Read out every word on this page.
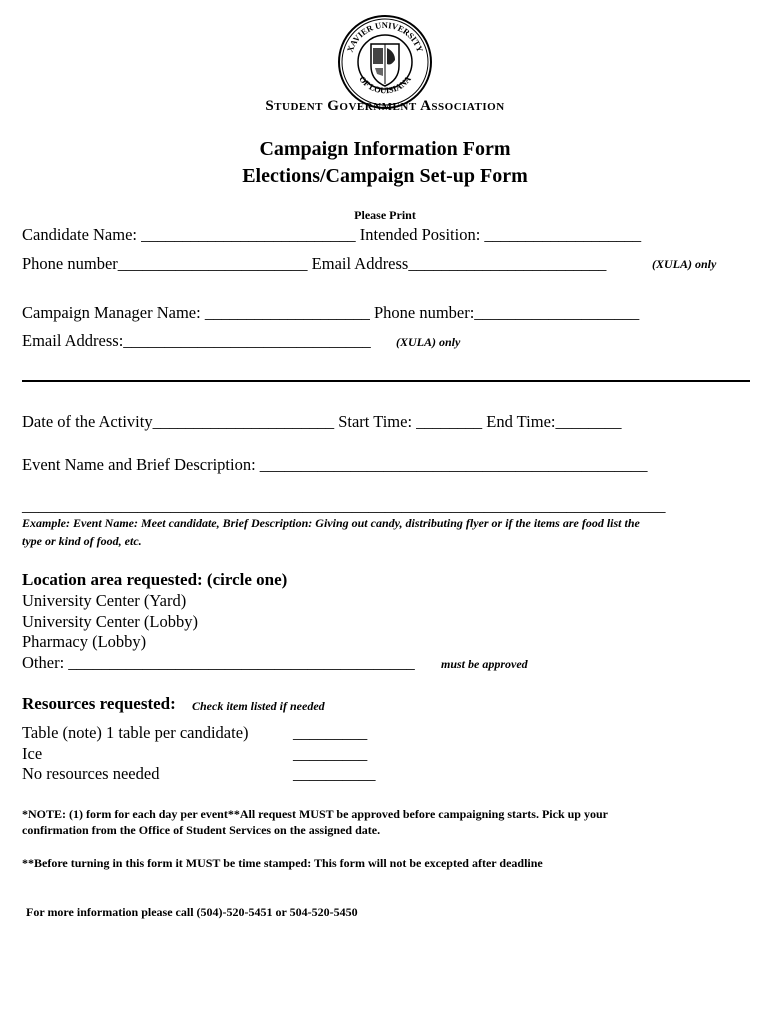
XAVIER UNIVERSITY
OF LOUISIANA
Student Government Association
Campaign Information Form
Elections/Campaign Set-up Form
Please Print
Candidate Name: __________________________ Intended Position: ___________________
Phone number_______________________ Email Address________________________	(XULA) only
Campaign Manager Name: ____________________ Phone number:____________________
Email Address:______________________________ (XULA) only
Date of the Activity______________________ Start Time: ________ End Time:________
Event Name and Brief Description: _______________________________________________
______________________________________________________________________________
Example: Event Name: Meet candidate, Brief Description: Giving out candy, distributing flyer or if the items are food list the
type or kind of food, etc.
Location area requested: (circle one)
University Center (Yard)
University Center (Lobby)
Pharmacy (Lobby)
Other: __________________________________________ must be approved
Resources requested: Check item listed if needed
Table (note) 1 table per candidate)	_________
Ice	_________
No resources needed	__________
*NOTE: (1) form for each day per event**All request MUST be approved before campaigning starts. Pick up your
confirmation from the Office of Student Services on the assigned date.
**Before turning in this form it MUST be time stamped: This form will not be excepted after deadline
For more information please call (504)-520-5451 or 504-520-5450
